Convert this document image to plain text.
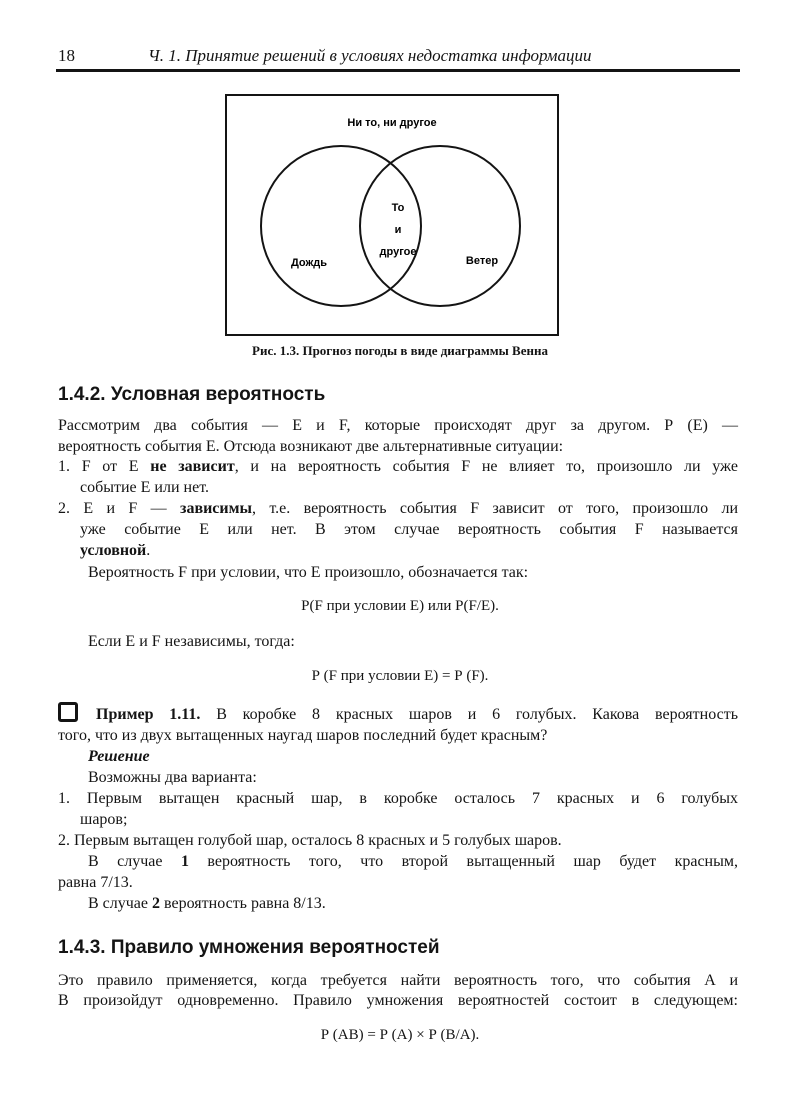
18	Ч. 1. Принятие решений в условиях недостатка информации
Ни то, ни другое
То
и
другое
Дождь	Ветер
Рис. 1.3. Прогноз погоды в виде диаграммы Венна
1.4.2. Условная вероятность
Рассмотрим два события — Е и F, которые происходят друг за другом. Р (Е) —
вероятность события Е. Отсюда возникают две альтернативные ситуации:
1. F от Е не зависит, и на вероятность события F не влияет то, произошло ли уже
событие Е или нет.
2. Е и F — зависимы, т.е. вероятность события F зависит от того, произошло ли
уже событие Е или нет. В этом случае вероятность события F называется
условной.
Вероятность F при условии, что Е произошло, обозначается так:
Р(F при условии Е) или Р(F/Е).
Если Е и F независимы, тогда:
Р (F при условии Е) = Р (F).
Пример 1.11. В коробке 8 красных шаров и 6 голубых. Какова вероятность
того, что из двух вытащенных наугад шаров последний будет красным?
Решение
Возможны два варианта:
1. Первым вытащен красный шар, в коробке осталось 7 красных и 6 голубых
шаров;
2. Первым вытащен голубой шар, осталось 8 красных и 5 голубых шаров.
В случае 1 вероятность того, что второй вытащенный шар будет красным,
равна 7/13.
В случае 2 вероятность равна 8/13.
1.4.3. Правило умножения вероятностей
Это правило применяется, когда требуется найти вероятность того, что события А и
В произойдут одновременно. Правило умножения вероятностей состоит в следующем:
Р (АВ) = Р (А) × Р (В/А).
